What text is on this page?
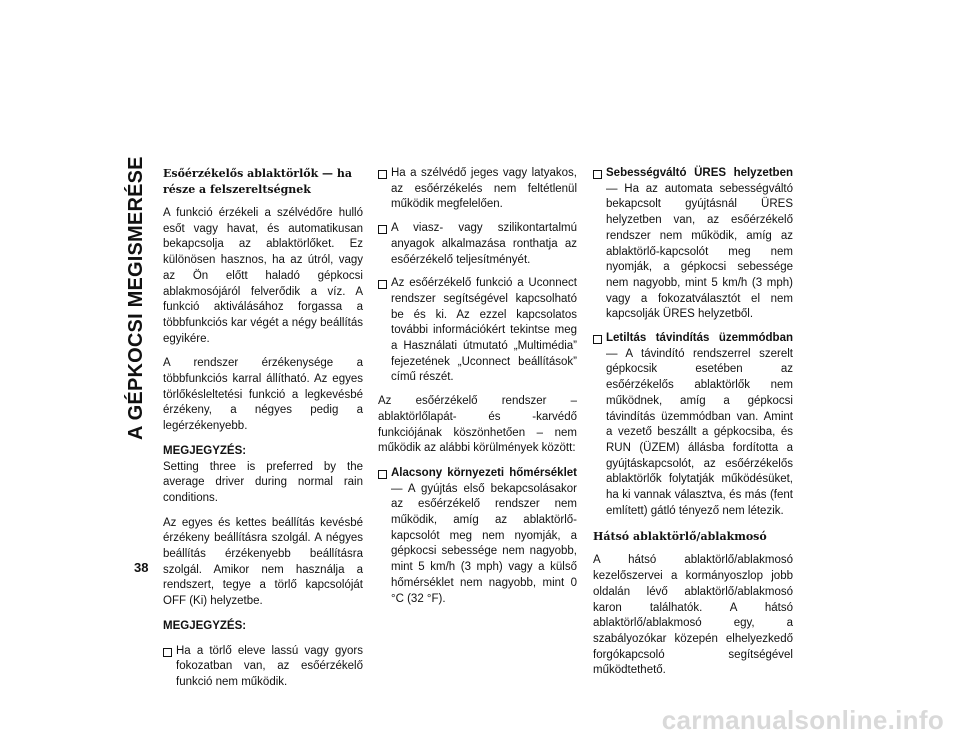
A GÉPKOCSI MEGISMERÉSE
38
Esőérzékelős ablaktörlők — ha része a felszereltségnek

A funkció érzékeli a szélvédőre hulló esőt vagy havat, és automatikusan bekapcsolja az ablaktörlőket. Ez különösen hasznos, ha az útról, vagy az Ön előtt haladó gépkocsi ablakmosójáról felverődik a víz. A funkció aktiválásához forgassa a többfunkciós kar végét a négy beállítás egyikére.

A rendszer érzékenysége a többfunkciós karral állítható. Az egyes törlőkésleltetési funkció a legkevésbé érzékeny, a négyes pedig a legérzékenyebb.

MEGJEGYZÉS:
Setting three is preferred by the average driver during normal rain conditions.

Az egyes és kettes beállítás kevésbé érzékeny beállításra szolgál. A négyes beállítás érzékenyebb beállításra szolgál. Amikor nem használja a rendszert, tegye a törlő kapcsolóját OFF (Ki) helyzetbe.

MEGJEGYZÉS:

Ha a törlő eleve lassú vagy gyors fokozatban van, az esőérzékelő funkció nem működik.
Ha a szélvédő jeges vagy latyakos, az esőérzékelés nem feltétlenül működik megfelelően.
A viasz- vagy szilikontartalmú anyagok alkalmazása ronthatja az esőérzékelő teljesítményét.
Az esőérzékelő funkció a Uconnect rendszer segítségével kapcsolható be és ki. Az ezzel kapcsolatos további információkért tekintse meg a Használati útmutató „Multimédia” fejezetének „Uconnect beállítások” című részét.

Az esőérzékelő rendszer – ablaktörlőlapát- és -karvédő funkciójának köszönhetően – nem működik az alábbi körülmények között:

Alacsony környezeti hőmérséklet — A gyújtás első bekapcsolásakor az esőérzékelő rendszer nem működik, amíg az ablaktörlő-kapcsolót meg nem nyomják, a gépkocsi sebessége nem nagyobb, mint 5 km/h (3 mph) vagy a külső hőmérséklet nem nagyobb, mint 0 °C (32 °F).
Sebességváltó ÜRES helyzetben — Ha az automata sebességváltó bekapcsolt gyújtásnál ÜRES helyzetben van, az esőérzékelő rendszer nem működik, amíg az ablaktörlő-kapcsolót meg nem nyomják, a gépkocsi sebessége nem nagyobb, mint 5 km/h (3 mph) vagy a fokozatválasztót el nem kapcsolják ÜRES helyzetből.
Letiltás távindítás üzemmódban — A távindító rendszerrel szerelt gépkocsik esetében az esőérzékelős ablaktörlők nem működnek, amíg a gépkocsi távindítás üzemmódban van. Amint a vezető beszállt a gépkocsiba, és RUN (ÜZEM) állásba fordította a gyújtáskapcsolót, az esőérzékelős ablaktörlők folytatják működésüket, ha ki vannak választva, és más (fent említett) gátló tényező nem létezik.
Hátsó ablaktörlő/ablakmosó

A hátsó ablaktörlő/ablakmosó kezelőszervei a kormányoszlop jobb oldalán lévő ablaktörlő/ablakmosó karon találhatók. A hátsó ablaktörlő/ablakmosó egy, a szabályozókar közepén elhelyezkedő forgókapcsoló segítségével működtethető.

carmanualsonline.info
